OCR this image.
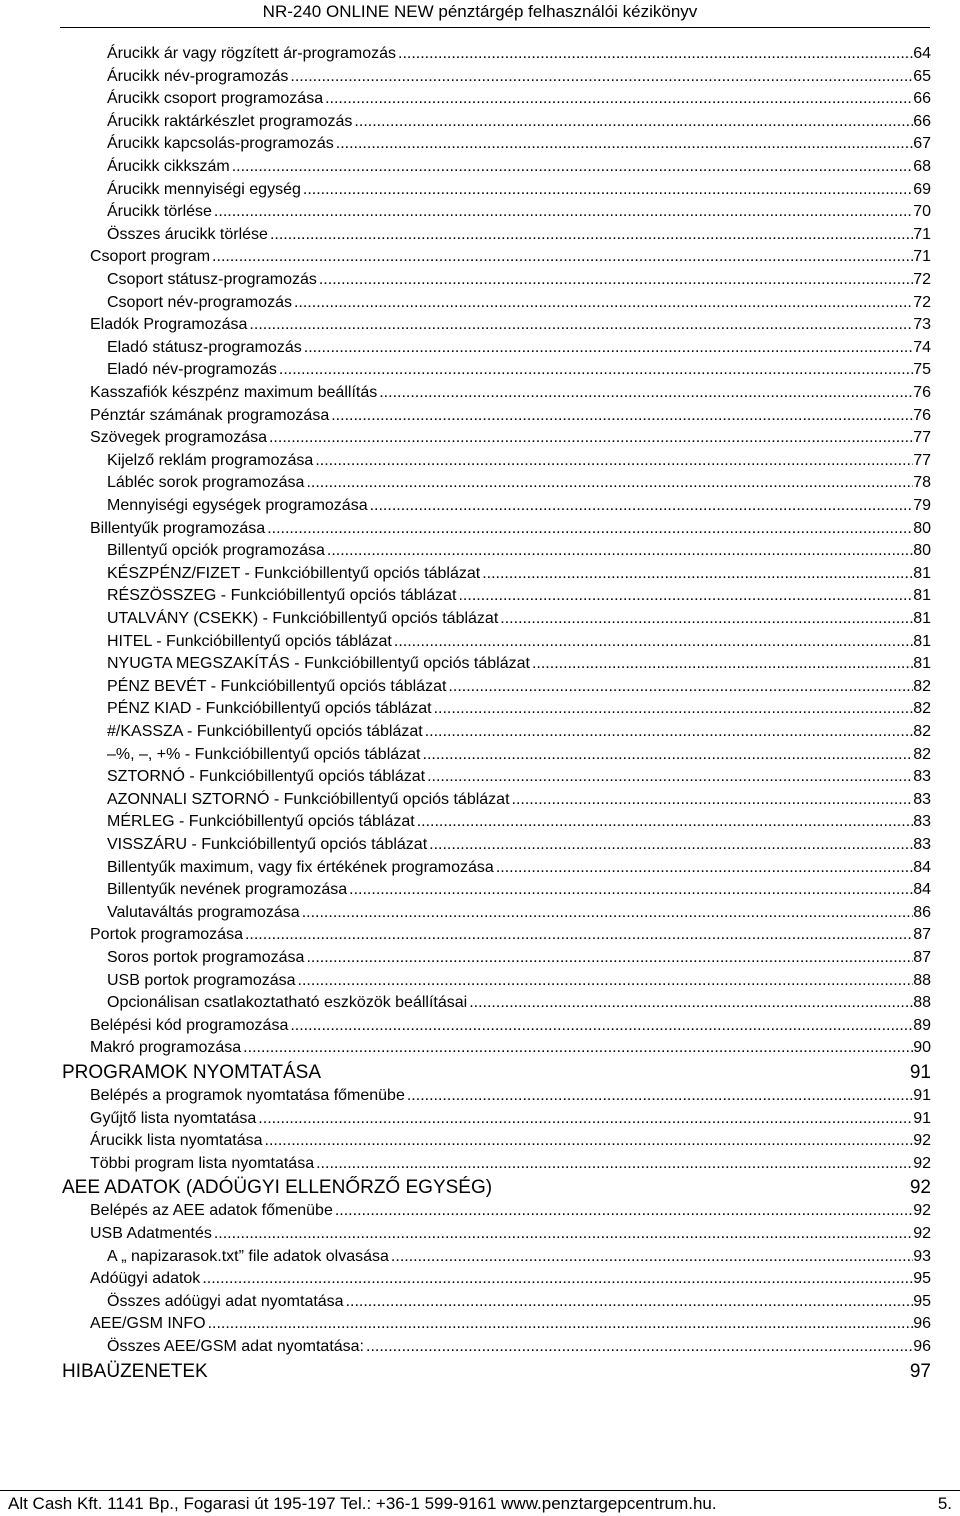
NR-240 ONLINE NEW pénztárgép felhasználói kézikönyv
Árucikk ár vagy rögzített ár-programozás .....	64
Árucikk név-programozás .....	65
Árucikk csoport programozása .....	66
Árucikk raktárkészlet programozás .....	66
Árucikk kapcsolás-programozás .....	67
Árucikk cikkszám .....	68
Árucikk mennyiségi egység .....	69
Árucikk törlése .....	70
Összes árucikk törlése .....	71
Csoport program .....	71
Csoport státusz-programozás .....	72
Csoport név-programozás .....	72
Eladók Programozása .....	73
Eladó státusz-programozás .....	74
Eladó név-programozás .....	75
Kasszafiók készpénz maximum beállítás .....	76
Pénztár számának programozása .....	76
Szövegek programozása .....	77
Kijelző reklám programozása .....	77
Lábléc sorok programozása .....	78
Mennyiségi egységek programozása .....	79
Billentyűk programozása .....	80
Billentyű opciók programozása .....	80
KÉSZPÉNZ/FIZET - Funkcióbillentyű opciós táblázat .....	81
RÉSZÖSSZEG - Funkcióbillentyű opciós táblázat .....	81
UTALVÁNY (CSEKK) - Funkcióbillentyű opciós táblázat .....	81
HITEL - Funkcióbillentyű opciós táblázat .....	81
NYUGTA MEGSZAKÍTÁS - Funkcióbillentyű opciós táblázat .....	81
PÉNZ BEVÉT - Funkcióbillentyű opciós táblázat .....	82
PÉNZ KIAD - Funkcióbillentyű opciós táblázat .....	82
#/KASSZA - Funkcióbillentyű opciós táblázat .....	82
–%, –, +% - Funkcióbillentyű opciós táblázat .....	82
SZTORNÓ - Funkcióbillentyű opciós táblázat .....	83
AZONNALI SZTORNÓ - Funkcióbillentyű opciós táblázat .....	83
MÉRLEG - Funkcióbillentyű opciós táblázat .....	83
VISSZÁRU - Funkcióbillentyű opciós táblázat .....	83
Billentyűk maximum, vagy fix értékének programozása .....	84
Billentyűk nevének programozása .....	84
Valutaváltás programozása .....	86
Portok programozása .....	87
Soros portok programozása .....	87
USB portok programozása .....	88
Opcionálisan csatlakoztatható eszközök beállításai .....	88
Belépési kód programozása .....	89
Makró programozása .....	90
PROGRAMOK NYOMTATÁSA	91
Belépés a programok nyomtatása főmenübe .....	91
Gyűjtő lista nyomtatása .....	91
Árucikk lista nyomtatása .....	92
Többi program lista nyomtatása .....	92
AEE ADATOK (ADÓÜGYI ELLENŐRZŐ EGYSÉG)	92
Belépés az AEE adatok főmenübe .....	92
USB Adatmentés .....	92
A „ napizarasok.txt” file adatok olvasása .....	93
Adóügyi adatok .....	95
Összes adóügyi adat nyomtatása .....	95
AEE/GSM INFO .....	96
Összes AEE/GSM adat nyomtatása: .....	96
HIBAÜZENETEK	97
Alt Cash Kft. 1141 Bp., Fogarasi út 195-197 Tel.: +36-1 599-9161 www.penztargepcentrum.hu.	5.
